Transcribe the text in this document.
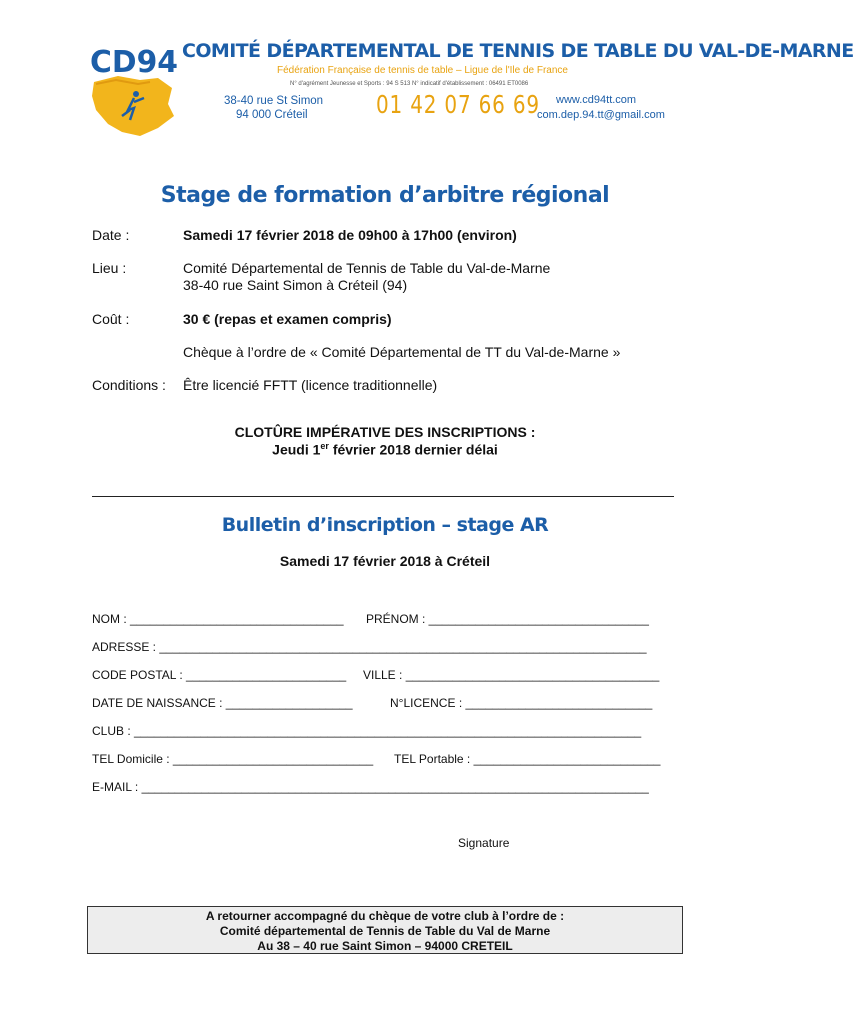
CD94 COMITÉ DÉPARTEMENTAL DE TENNIS DE TABLE DU VAL-DE-MARNE
Fédération Française de tennis de table – Ligue de l'Ile de France
N° d'agrément Jeunesse et Sports : 94 S 513 N° indicatif d'établissement : 06491 ET0086
38-40 rue St Simon
94 000 Créteil	01 42 07 66 69 www.cd94tt.com
com.dep.94.tt@gmail.com
Stage de formation d’arbitre régional
Date :	Samedi 17 février 2018 de 09h00 à 17h00 (environ)
Lieu :	Comité Départemental de Tennis de Table du Val-de-Marne
38-40 rue Saint Simon à Créteil (94)
Coût :	30 € (repas et examen compris)
Chèque à l’ordre de « Comité Départemental de TT du Val-de-Marne »
Conditions : Être licencié FFTT (licence traditionnelle)
CLOTÛRE IMPÉRATIVE DES INSCRIPTIONS :
Jeudi 1er février 2018 dernier délai
Bulletin d’inscription – stage AR
Samedi 17 février 2018 à Créteil
NOM : ________________________________ PRÉNOM : _________________________________
ADRESSE : _________________________________________________________________________
CODE POSTAL : ________________________ VILLE : ______________________________________
DATE DE NAISSANCE : ___________________	N°LICENCE : ____________________________
CLUB : ____________________________________________________________________________
TEL Domicile : ______________________________ TEL Portable : ____________________________
E-MAIL : ____________________________________________________________________________
Signature
A retourner accompagné du chèque de votre club à l’ordre de :
Comité départemental de Tennis de Table du Val de Marne
Au 38 – 40 rue Saint Simon – 94000 CRETEIL
